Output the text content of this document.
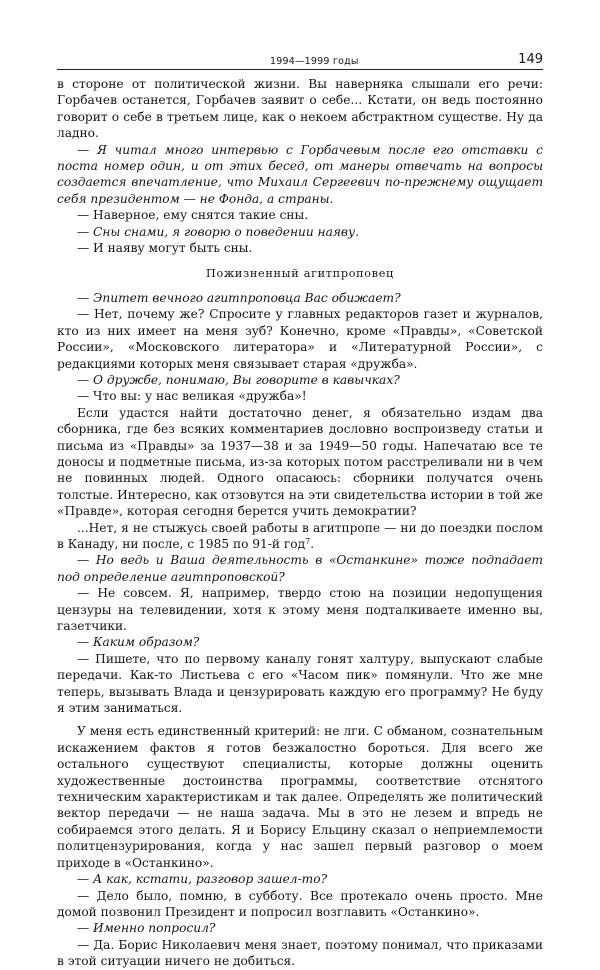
1994—1999 годы	149

в стороне от политической жизни. Вы наверняка слышали его речи: Горбачев останется, Горбачев заявит о себе... Кстати, он ведь постоянно говорит о себе в третьем лице, как о некоем абстрактном существе. Ну да ладно.

— Я читал много интервью с Горбачевым после его отставки с поста номер один, и от этих бесед, от манеры отвечать на вопросы создается впечатление, что Михаил Сергеевич по-прежнему ощущает себя президентом — не Фонда, а страны.

— Наверное, ему снятся такие сны.

— Сны снами, я говорю о поведении наяву.

— И наяву могут быть сны.

Пожизненный агитпроповец

— Эпитет вечного агитпроповца Вас обижает?

— Нет, почему же? Спросите у главных редакторов газет и журналов, кто из них имеет на меня зуб? Конечно, кроме «Правды», «Советской России», «Московского литератора» и «Литературной России», с редакциями которых меня связывает старая «дружба».

— О дружбе, понимаю, Вы говорите в кавычках?

— Что вы: у нас великая «дружба»!

Если удастся найти достаточно денег, я обязательно издам два сборника, где без всяких комментариев дословно воспроизведу статьи и письма из «Правды» за 1937—38 и за 1949—50 годы. Напечатаю все те доносы и подметные письма, из-за которых потом расстреливали ни в чем не повинных людей. Одного опасаюсь: сборники получатся очень толстые. Интересно, как отзовутся на эти свидетельства истории в той же «Правде», которая сегодня берется учить демократии?

...Нет, я не стыжусь своей работы в агитпропе — ни до поездки послом в Канаду, ни после, с 1985 по 91-й год$^7$.

— Но ведь и Ваша деятельность в «Останкине» тоже подпадает под определение агитпроповской?

— Не совсем. Я, например, твердо стою на позиции недопущения цензуры на телевидении, хотя к этому меня подталкиваете именно вы, газетчики.

— Каким образом?

— Пишете, что по первому каналу гонят халтуру, выпускают слабые передачи. Как-то Листьева с его «Часом пик» помянули. Что же мне теперь, вызывать Влада и цензурировать каждую его программу? Не буду я этим заниматься.

У меня есть единственный критерий: не лги. С обманом, сознательным искажением фактов я готов безжалостно бороться. Для всего же остального существуют специалисты, которые должны оценить художественные достоинства программы, соответствие отснятого техническим характеристикам и так далее. Определять же политический вектор передачи — не наша задача. Мы в это не лезем и впредь не собираемся этого делать. Я и Борису Ельцину сказал о неприемлемости политцензурирования, когда у нас зашел первый разговор о моем приходе в «Останкино».

— А как, кстати, разговор зашел-то?

— Дело было, помню, в субботу. Все протекало очень просто. Мне домой позвонил Президент и попросил возглавить «Останкино».

— Именно попросил?

— Да. Борис Николаевич меня знает, поэтому понимал, что приказами в этой ситуации ничего не добиться.
